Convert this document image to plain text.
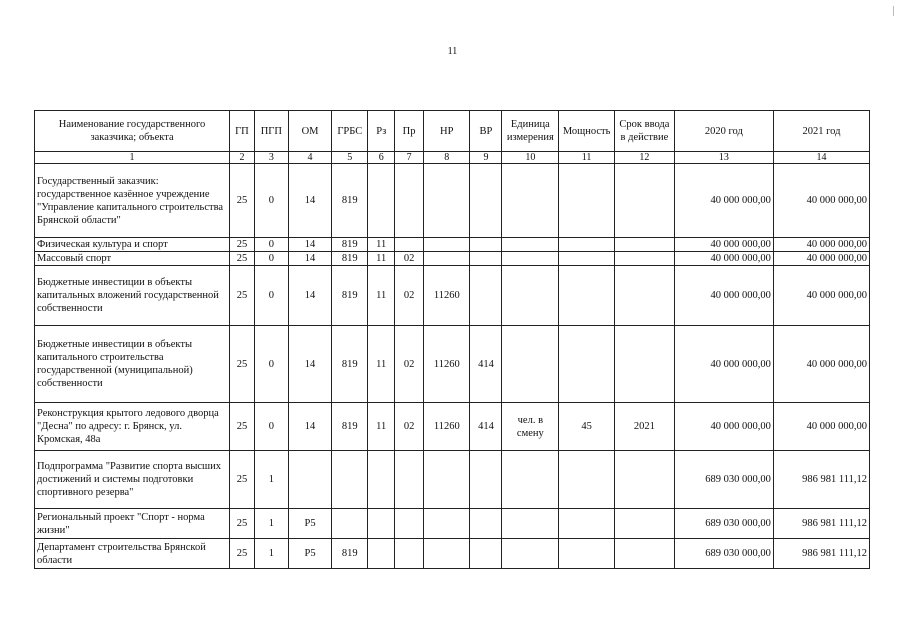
11
Наименование государственного заказчика; объекта	ГП	ПГП	ОМ	ГРБС	Рз	Пр	НР	ВР	Единица измерения	Мощность	Срок ввода в действие	2020 год	2021 год
1	2	3	4	5	6	7	8	9	10	11	12	13	14
Государственный заказчик: государственное казённое учреждение "Управление капитального строительства Брянской области"	25	0	14	819								40 000 000,00	40 000 000,00
Физическая культура и спорт	25	0	14	819	11							40 000 000,00	40 000 000,00
Массовый спорт	25	0	14	819	11	02						40 000 000,00	40 000 000,00
Бюджетные инвестиции в объекты капитальных вложений государственной собственности	25	0	14	819	11	02	11260					40 000 000,00	40 000 000,00
Бюджетные инвестиции в объекты капитального строительства государственной (муниципальной) собственности	25	0	14	819	11	02	11260	414				40 000 000,00	40 000 000,00
Реконструкция крытого ледового дворца "Десна" по адресу: г. Брянск, ул. Кромская, 48а	25	0	14	819	11	02	11260	414	чел. в смену	45	2021	40 000 000,00	40 000 000,00
Подпрограмма "Развитие спорта высших достижений и системы подготовки спортивного резерва"	25	1										689 030 000,00	986 981 111,12
Региональный проект "Спорт - норма жизни"	25	1	P5									689 030 000,00	986 981 111,12
Департамент строительства Брянской области	25	1	P5	819								689 030 000,00	986 981 111,12
